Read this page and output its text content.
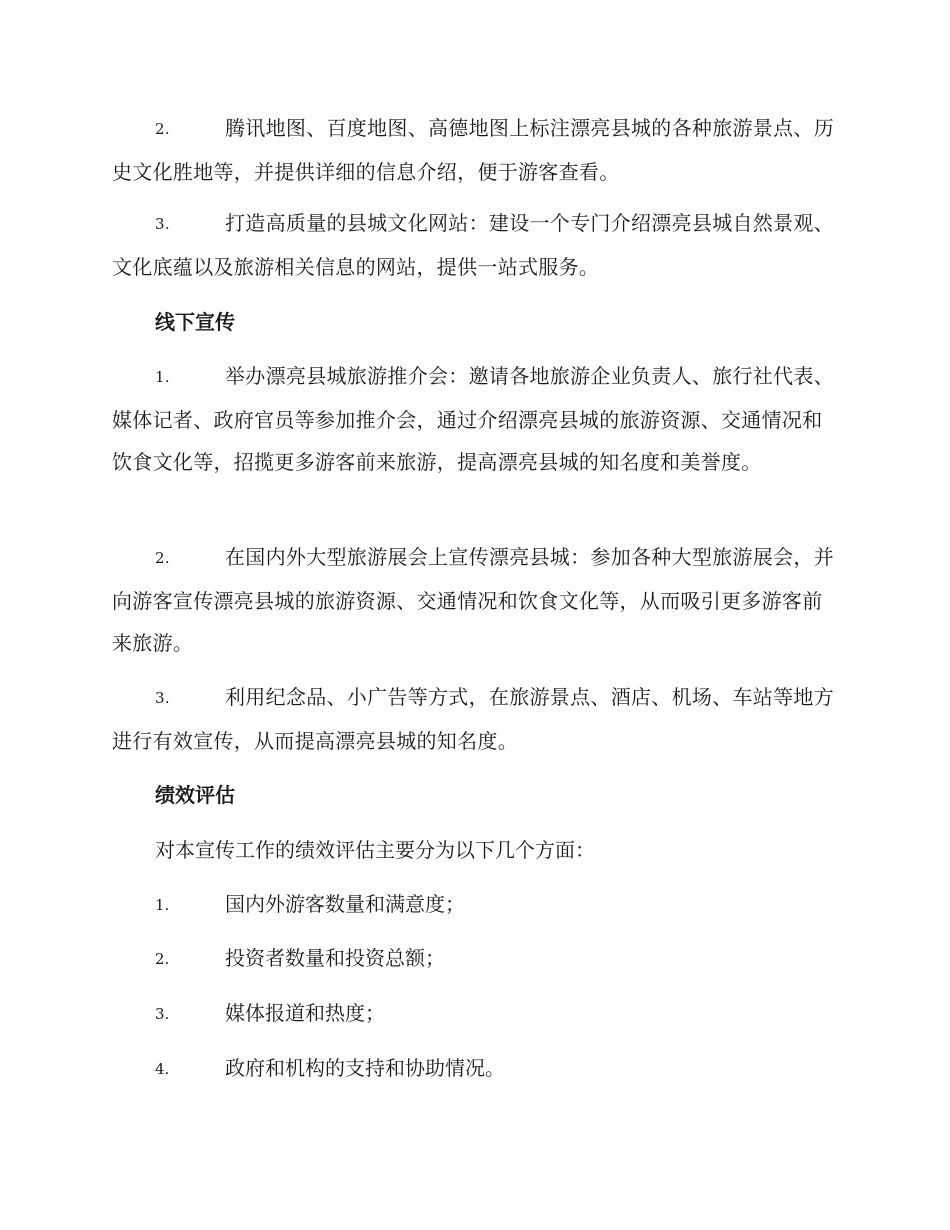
2.	腾讯地图、百度地图、高德地图上标注漂亮县城的各种旅游景点、历史文化胜地等，并提供详细的信息介绍，便于游客查看。
3.	打造高质量的县城文化网站：建设一个专门介绍漂亮县城自然景观、文化底蕴以及旅游相关信息的网站，提供一站式服务。
线下宣传
1.	举办漂亮县城旅游推介会：邀请各地旅游企业负责人、旅行社代表、媒体记者、政府官员等参加推介会，通过介绍漂亮县城的旅游资源、交通情况和饮食文化等，招揽更多游客前来旅游，提高漂亮县城的知名度和美誉度。
2.	在国内外大型旅游展会上宣传漂亮县城：参加各种大型旅游展会，并向游客宣传漂亮县城的旅游资源、交通情况和饮食文化等，从而吸引更多游客前来旅游。
3.	利用纪念品、小广告等方式，在旅游景点、酒店、机场、车站等地方进行有效宣传，从而提高漂亮县城的知名度。
绩效评估
对本宣传工作的绩效评估主要分为以下几个方面：
1.	国内外游客数量和满意度；
2.	投资者数量和投资总额；
3.	媒体报道和热度；
4.	政府和机构的支持和协助情况。
